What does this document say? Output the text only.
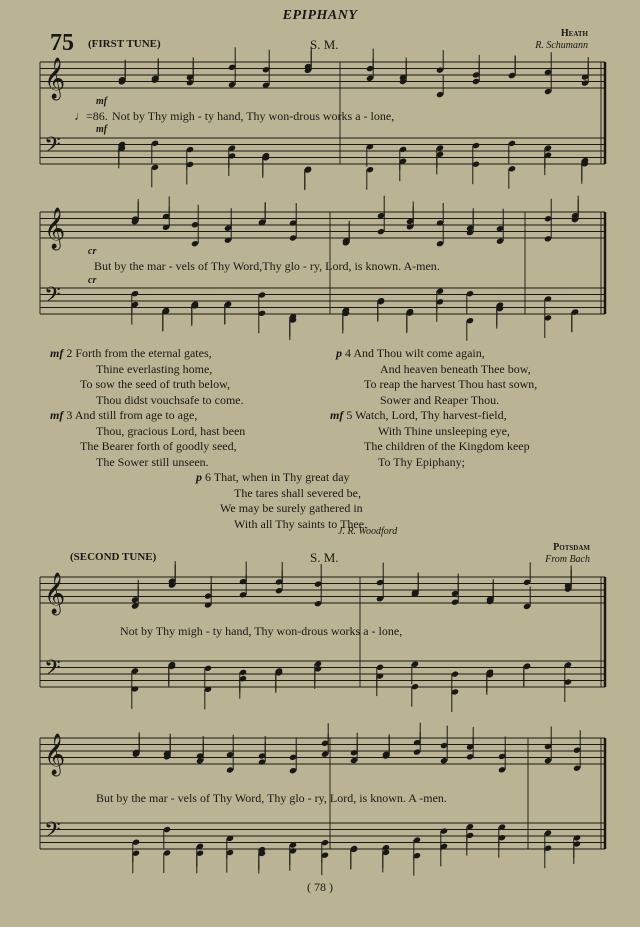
EPIPHANY
75 (FIRST TUNE)	S. M.
Heath
R. Schumann
𝄞
𝄢
𝄞
𝄢
𝄞
𝄢
𝄞
𝄢
mf
♩=86. Not by Thy migh - ty hand, Thy won-drous works a - lone,
mf
cr
But by the mar - vels of Thy Word,Thy glo - ry, Lord, is known. A-men.
cr
mf 2 Forth from the eternal gates,
Thine everlasting home,
To sow the seed of truth below,
Thou didst vouchsafe to come.
mf 3 And still from age to age,
Thou, gracious Lord, hast been
The Bearer forth of goodly seed,
The Sower still unseen.
p 4 And Thou wilt come again,
And heaven beneath Thee bow,
To reap the harvest Thou hast sown,
Sower and Reaper Thou.
mf 5 Watch, Lord, Thy harvest-field,
With Thine unsleeping eye,
The children of the Kingdom keep
To Thy Epiphany;
p 6 That, when in Thy great day
The tares shall severed be,
We may be surely gathered in
With all Thy saints to Thee.
J. R. Woodford
(SECOND TUNE)	S. M.
Potsdam
From Bach
Not by Thy migh - ty hand, Thy won-drous works a - lone,
But by the mar - vels of Thy Word, Thy glo - ry, Lord, is known. A -men.
( 78 )
